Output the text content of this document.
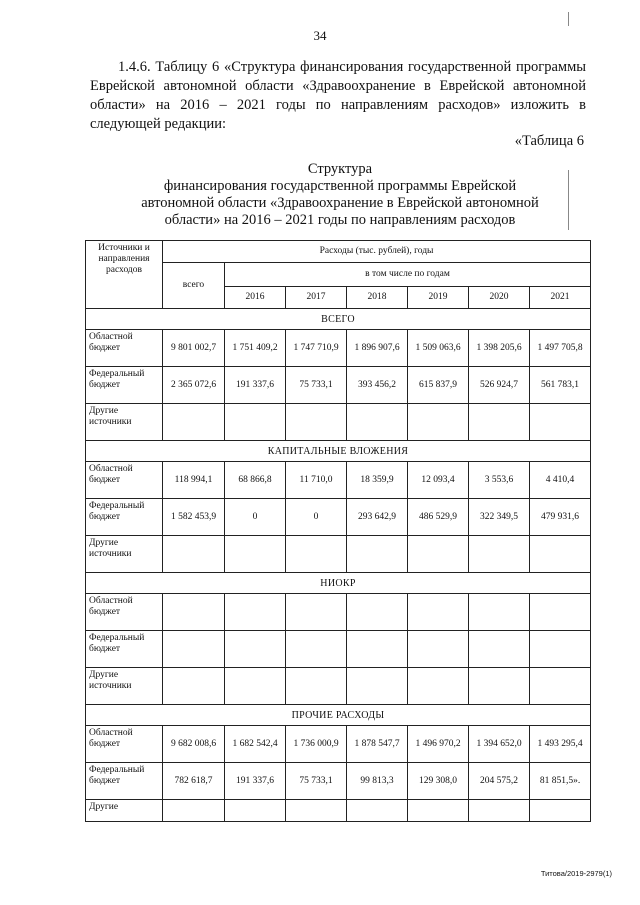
34
1.4.6. Таблицу 6 «Структура финансирования государственной программы Еврейской автономной области «Здравоохранение в Еврейской автономной области» на 2016 – 2021 годы по направлениям расходов» изложить в следующей редакции:
«Таблица 6
Структура
финансирования государственной программы Еврейской
автономной области «Здравоохранение в Еврейской автономной
области» на 2016 – 2021 годы по направлениям расходов
Источники и направления расходов	Расходы (тыс. рублей), годы						
	всего	в том числе по годам					
		2016	2017	2018	2019	2020	2021
ВСЕГО							
Областной бюджет	9 801 002,7	1 751 409,2	1 747 710,9	1 896 907,6	1 509 063,6	1 398 205,6	1 497 705,8
Федеральный бюджет	2 365 072,6	191 337,6	75 733,1	393 456,2	615 837,9	526 924,7	561 783,1
Другие источники							
КАПИТАЛЬНЫЕ ВЛОЖЕНИЯ							
Областной бюджет	118 994,1	68 866,8	11 710,0	18 359,9	12 093,4	3 553,6	4 410,4
Федеральный бюджет	1 582 453,9	0	0	293 642,9	486 529,9	322 349,5	479 931,6
Другие источники							
НИОКР							
Областной бюджет							
Федеральный бюджет							
Другие источники							
ПРОЧИЕ РАСХОДЫ							
Областной бюджет	9 682 008,6	1 682 542,4	1 736 000,9	1 878 547,7	1 496 970,2	1 394 652,0	1 493 295,4
Федеральный бюджет	782 618,7	191 337,6	75 733,1	99 813,3	129 308,0	204 575,2	81 851,5».
Другие							
Титова/2019-2979(1)
